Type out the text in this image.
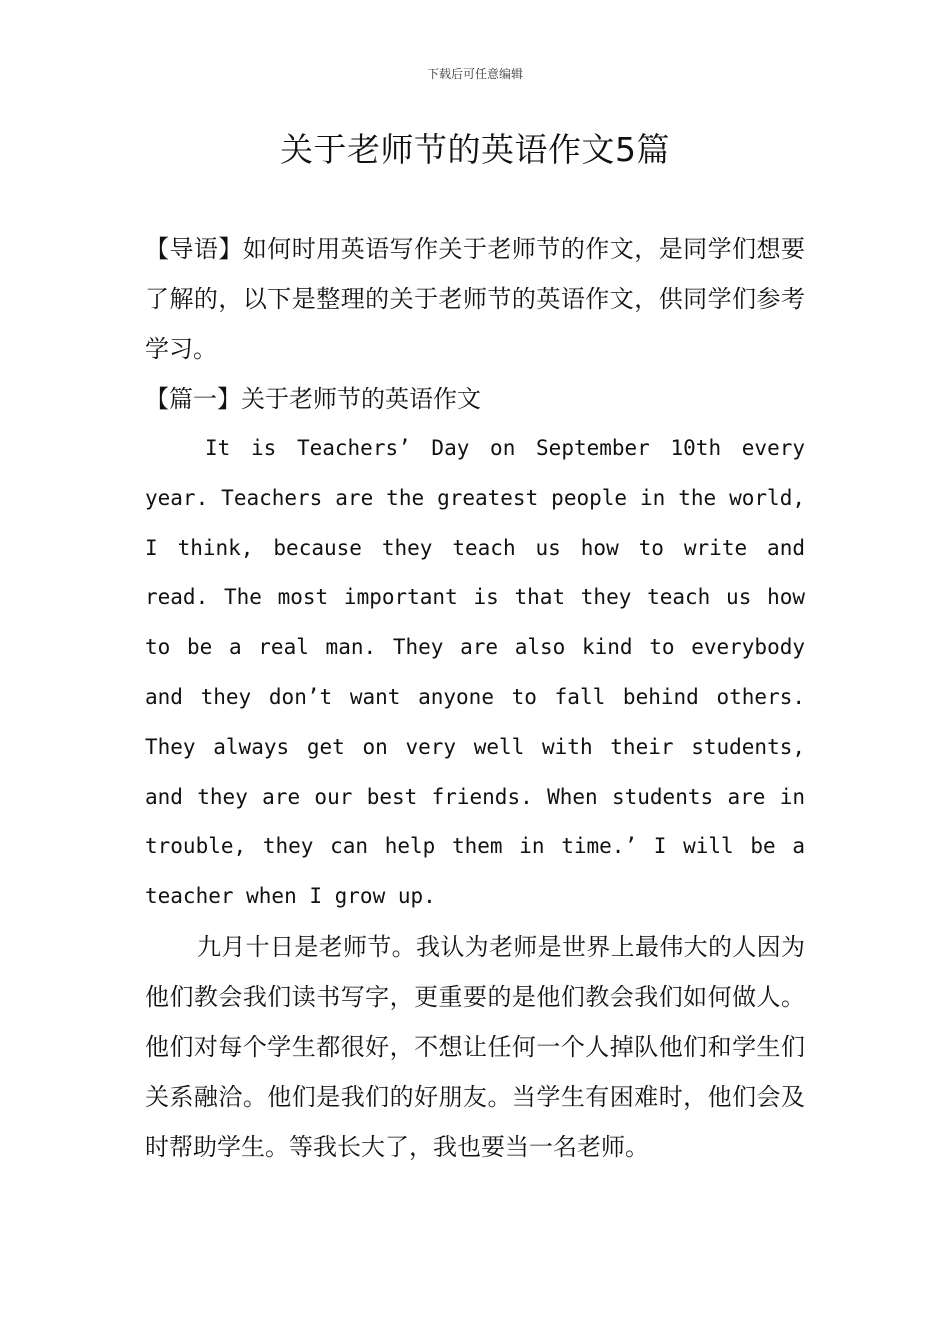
下载后可任意编辑
关于老师节的英语作文5篇

【导语】如何时用英语写作关于老师节的作文，是同学们想要了解的，以下是整理的关于老师节的英语作文，供同学们参考学习。

【篇一】关于老师节的英语作文

It is Teachers’ Day on September 10th every year. Teachers are the greatest people in the world, I think, because they teach us how to write and read. The most important is that they teach us how to be a real man. They are also kind to everybody and they don’t want anyone to fall behind others. They always get on very well with their students, and they are our best friends. When students are in trouble, they can help them in time.’ I will be a teacher when I grow up.

九月十日是老师节。我认为老师是世界上最伟大的人因为他们教会我们读书写字，更重要的是他们教会我们如何做人。他们对每个学生都很好，不想让任何一个人掉队他们和学生们关系融洽。他们是我们的好朋友。当学生有困难时，他们会及时帮助学生。等我长大了，我也要当一名老师。
